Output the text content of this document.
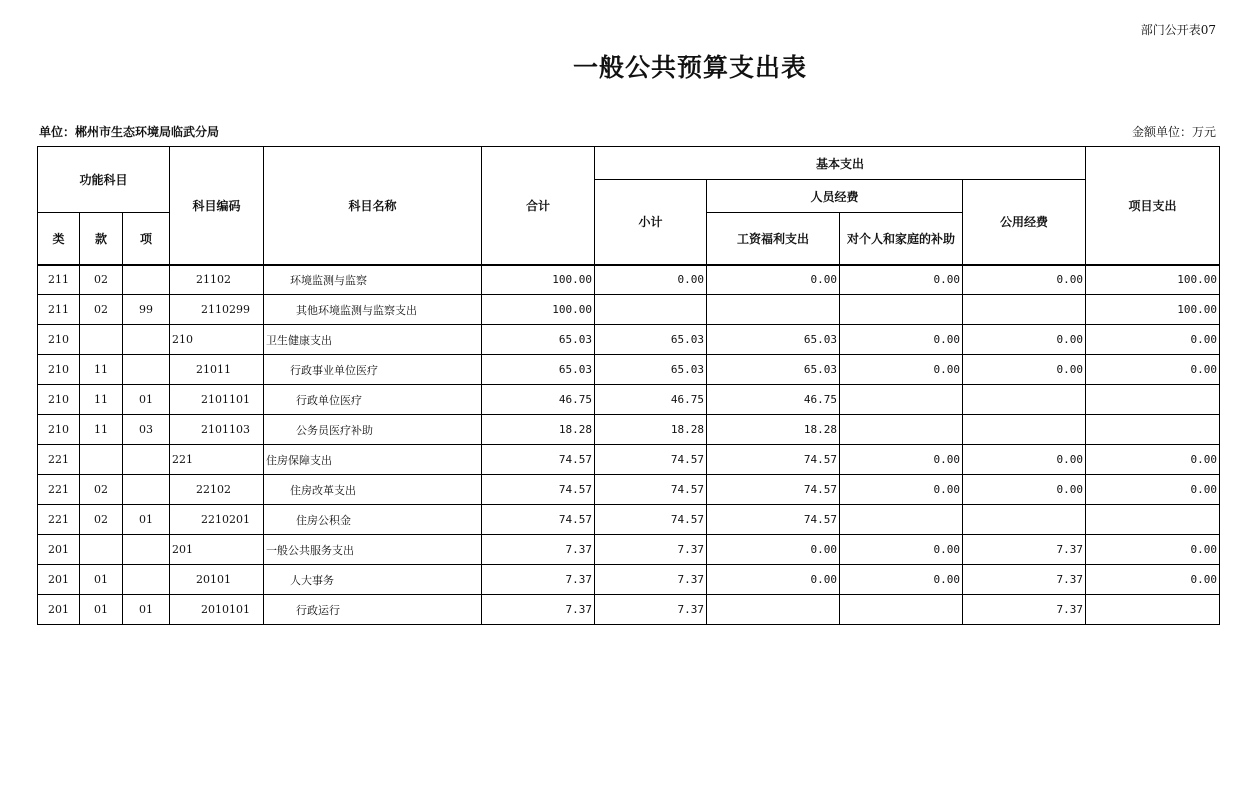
部门公开表07
一般公共预算支出表
单位：郴州市生态环境局临武分局	金额单位：万元
功能科目			科目编码	科目名称	合计	基本支出				项目支出
						小计	人员经费		公用经费	
类	款	项					工资福利支出	对个人和家庭的补助		
211	02		21102	环境监测与监察	100.00	0.00	0.00	0.00	0.00	100.00
211	02	99	2110299	其他环境监测与监察支出	100.00					100.00
210			210	卫生健康支出	65.03	65.03	65.03	0.00	0.00	0.00
210	11		21011	行政事业单位医疗	65.03	65.03	65.03	0.00	0.00	0.00
210	11	01	2101101	行政单位医疗	46.75	46.75	46.75			
210	11	03	2101103	公务员医疗补助	18.28	18.28	18.28			
221			221	住房保障支出	74.57	74.57	74.57	0.00	0.00	0.00
221	02		22102	住房改革支出	74.57	74.57	74.57	0.00	0.00	0.00
221	02	01	2210201	住房公积金	74.57	74.57	74.57			
201			201	一般公共服务支出	7.37	7.37	0.00	0.00	7.37	0.00
201	01		20101	人大事务	7.37	7.37	0.00	0.00	7.37	0.00
201	01	01	2010101	行政运行	7.37	7.37			7.37	
